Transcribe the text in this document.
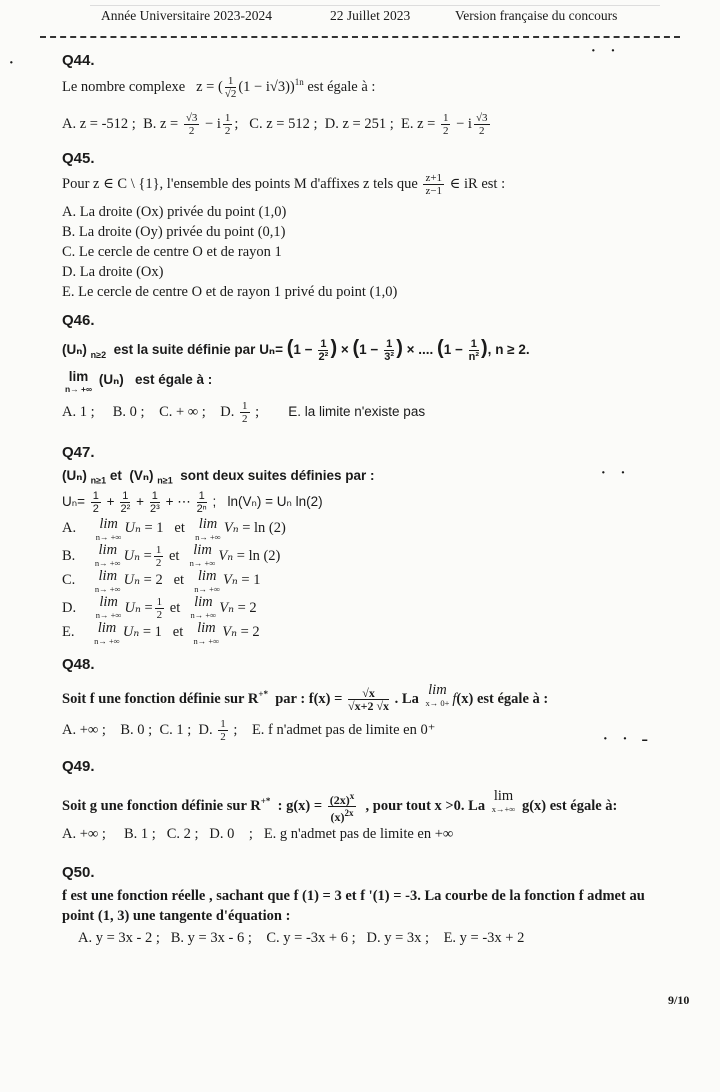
Année Universitaire 2023-2024	22 Juillet 2023	Version française du concours
Q44.
Le nombre complexe   z = ( $\frac{1}{√2} (1 - i√3))^{1n}$ est égale à :
A. z = -512 ; B. $z = \frac{√3}{2} - i \frac{1}{2}$ ;   C. z = 512 ; D. z = 251 ; E. $z = \frac{1}{2} - i \frac{√3}{2}$
Q45.
Pour z ∈ C \ {1}, l'ensemble des points M d'affixes z tels que $\frac{z+1}{z-1}$ ∈ iR est :
A. La droite (Ox) privée du point (1,0)
B. La droite (Oy) privée du point (0,1)
C. Le cercle de centre O et de rayon 1
D. La droite (Ox)
E. Le cercle de centre O et de rayon 1 privé du point (1,0)
Q46.
(Uₙ) $_{n\ge 2}$ est la suite définie par $U_n= (1 - \frac{1}{\text{2²}}$ ) × ($1 - \frac{1}{\text{3²}}$ ) × .... ($1 - \frac{1}{\text{n²}}$ ), n ≥ 2.
lim
n→ +∞
(Uₙ)   est égale à :
A. 1 ; B. 0 ; C. + ∞ ; D. $\frac{1}{2}$ ;        E. la limite n'existe pas
Q47.
(Uₙ) $_{n\ge 1}$ et  (Vₙ) $_{n\ge 1}$ sont deux suites définies par :
$U_n= \frac{1}{2} + \frac{1}{\text{2²}} + \frac{1}{\text{2³}}$ + ⋯ $\frac{1}{\text{2ⁿ}}$ ;   ln(Vₙ) = Uₙ ln(2)
A. lim
n→ +∞
Uₙ = 1   et  lim
n→ +∞
Vₙ = ln (2)
B. lim
n→ +∞ $U_n = \frac{1}{2}$ et  lim
n→ +∞ Vₙ = ln (2)
C. lim
n→ +∞
Uₙ = 2   et  lim
n→ +∞
Vₙ = 1
D. lim
n→ +∞ $U_n = \frac{1}{2}$ et  lim
n→ +∞ Vₙ = 2
E. lim
n→ +∞
Uₙ = 1   et  lim
n→ +∞
Vₙ = 2
Q48.
Soit f une fonction définie sur R+*  par : $f(x) = \frac{√x}{√x+2 √x}$ . La lim
x→ 0+ f(x) est égale à :
A. +∞ ; B. 0 ; C. 1 ; D. $\frac{1}{2}$ ;    E. f n'admet pas de limite en 0⁺
Q49.
Soit g une fonction définie sur R+*  : $g(x) = \frac{(2x)^x}{(x)^{2x}}$ , pour tout x >0. La lim
x→+∞ g(x) est égale à:
A. +∞ ; B. 1 ; C. 2 ; D. 0    ;   E. g n'admet pas de limite en +∞
Q50.
f est une fonction réelle , sachant que f (1) = 3 et f '(1) = -3. La courbe de la fonction f admet au
point (1, 3) une tangente d'équation :
A. y = 3x - 2 ; B. y = 3x - 6 ; C. y = -3x + 6 ; D. y = 3x ; E. y = -3x + 2
· ·
· ·
· · -
·
9/10
